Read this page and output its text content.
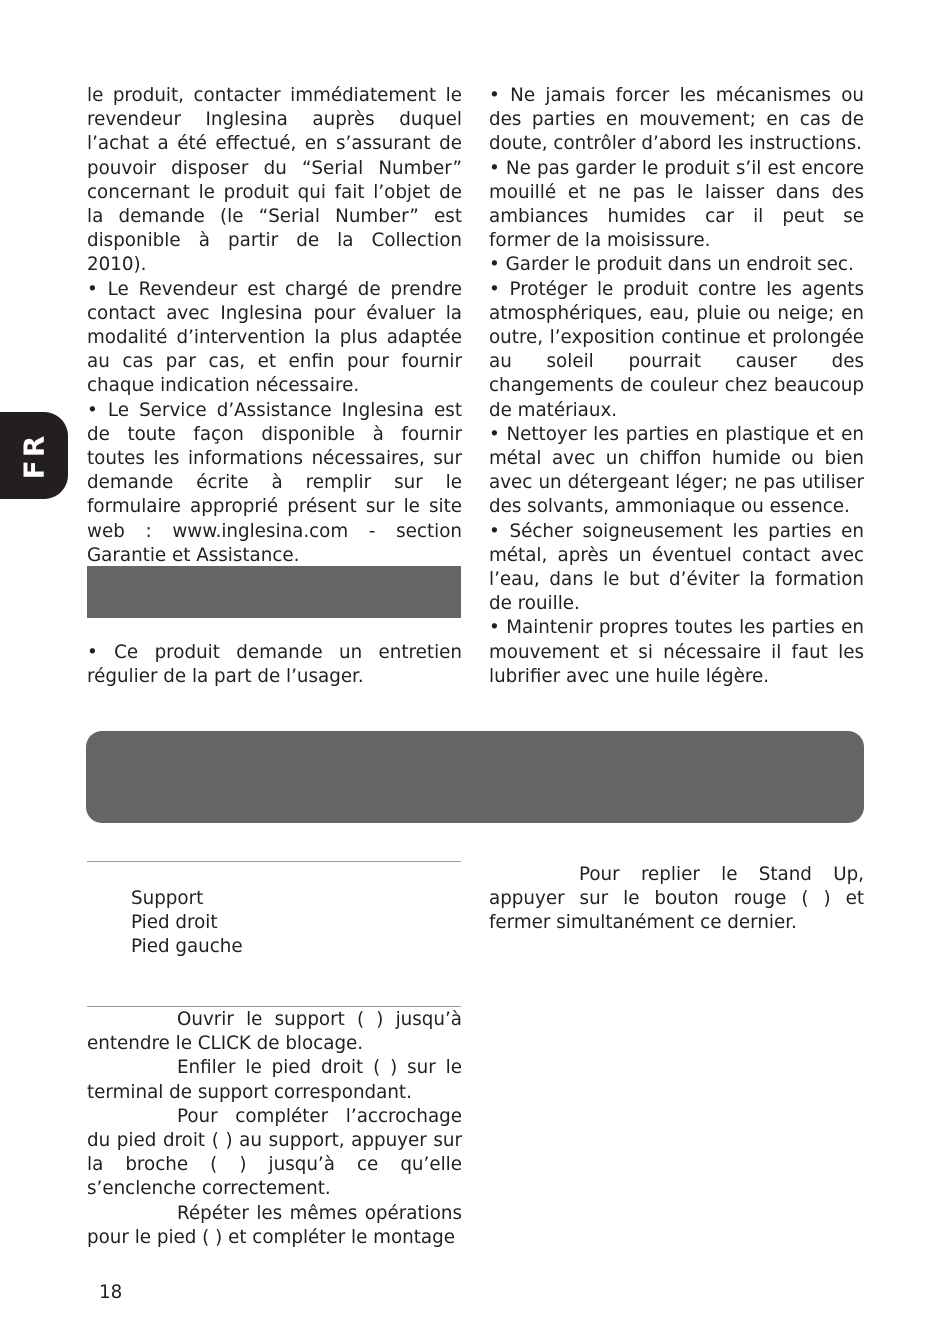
FR

le produit, contacter immédiatement le revendeur Inglesina auprès duquel l’achat a été effectué, en s’assurant de pouvoir disposer du “Serial Number” concernant le produit qui fait l’objet de la demande (le “Serial Number” est disponible à partir de la Collection 2010).

• Le Revendeur est chargé de prendre contact avec Inglesina pour évaluer la modalité d’intervention la plus adaptée au cas par cas, et enfin pour fournir chaque indication nécessaire.

• Le Service d’Assistance Inglesina est de toute façon disponible à fournir toutes les informations nécessaires, sur demande écrite à remplir sur le formulaire approprié présent sur le site web : www.inglesina.com - section Garantie et Assistance.

• Ce produit demande un entretien régulier de la part de l’usager.

• Ne jamais forcer les mécanismes ou des parties en mouvement; en cas de doute, contrôler d’abord les instructions.

• Ne pas garder le produit s’il est encore mouillé et ne pas le laisser dans des ambiances humides car il peut se former de la moisissure.

• Garder le produit dans un endroit sec.

• Protéger le produit contre les agents atmosphériques, eau, pluie ou neige; en outre, l’exposition continue et prolongée au soleil pourrait causer des changements de couleur chez beaucoup de matériaux.

• Nettoyer les parties en plastique et en métal avec un chiffon humide ou bien avec un détergeant léger; ne pas utiliser des solvants, ammoniaque ou essence.

• Sécher soigneusement les parties en métal, après un éventuel contact avec l’eau, dans le but d’éviter la formation de rouille.

• Maintenir propres toutes les parties en mouvement et si nécessaire il faut les lubrifier avec une huile légère.

Support
Pied droit
Pied gauche

Ouvrir le support ( ) jusqu’à entendre le CLICK de blocage.

Enfiler le pied droit ( ) sur le terminal de support correspondant.

Pour compléter l’accrochage du pied droit ( ) au support, appuyer sur la broche ( ) jusqu’à ce qu’elle s’enclenche correctement.

Répéter les mêmes opérations pour le pied ( ) et compléter le montage

Pour replier le Stand Up, appuyer sur le bouton rouge ( ) et fermer simultanément ce dernier.

18
